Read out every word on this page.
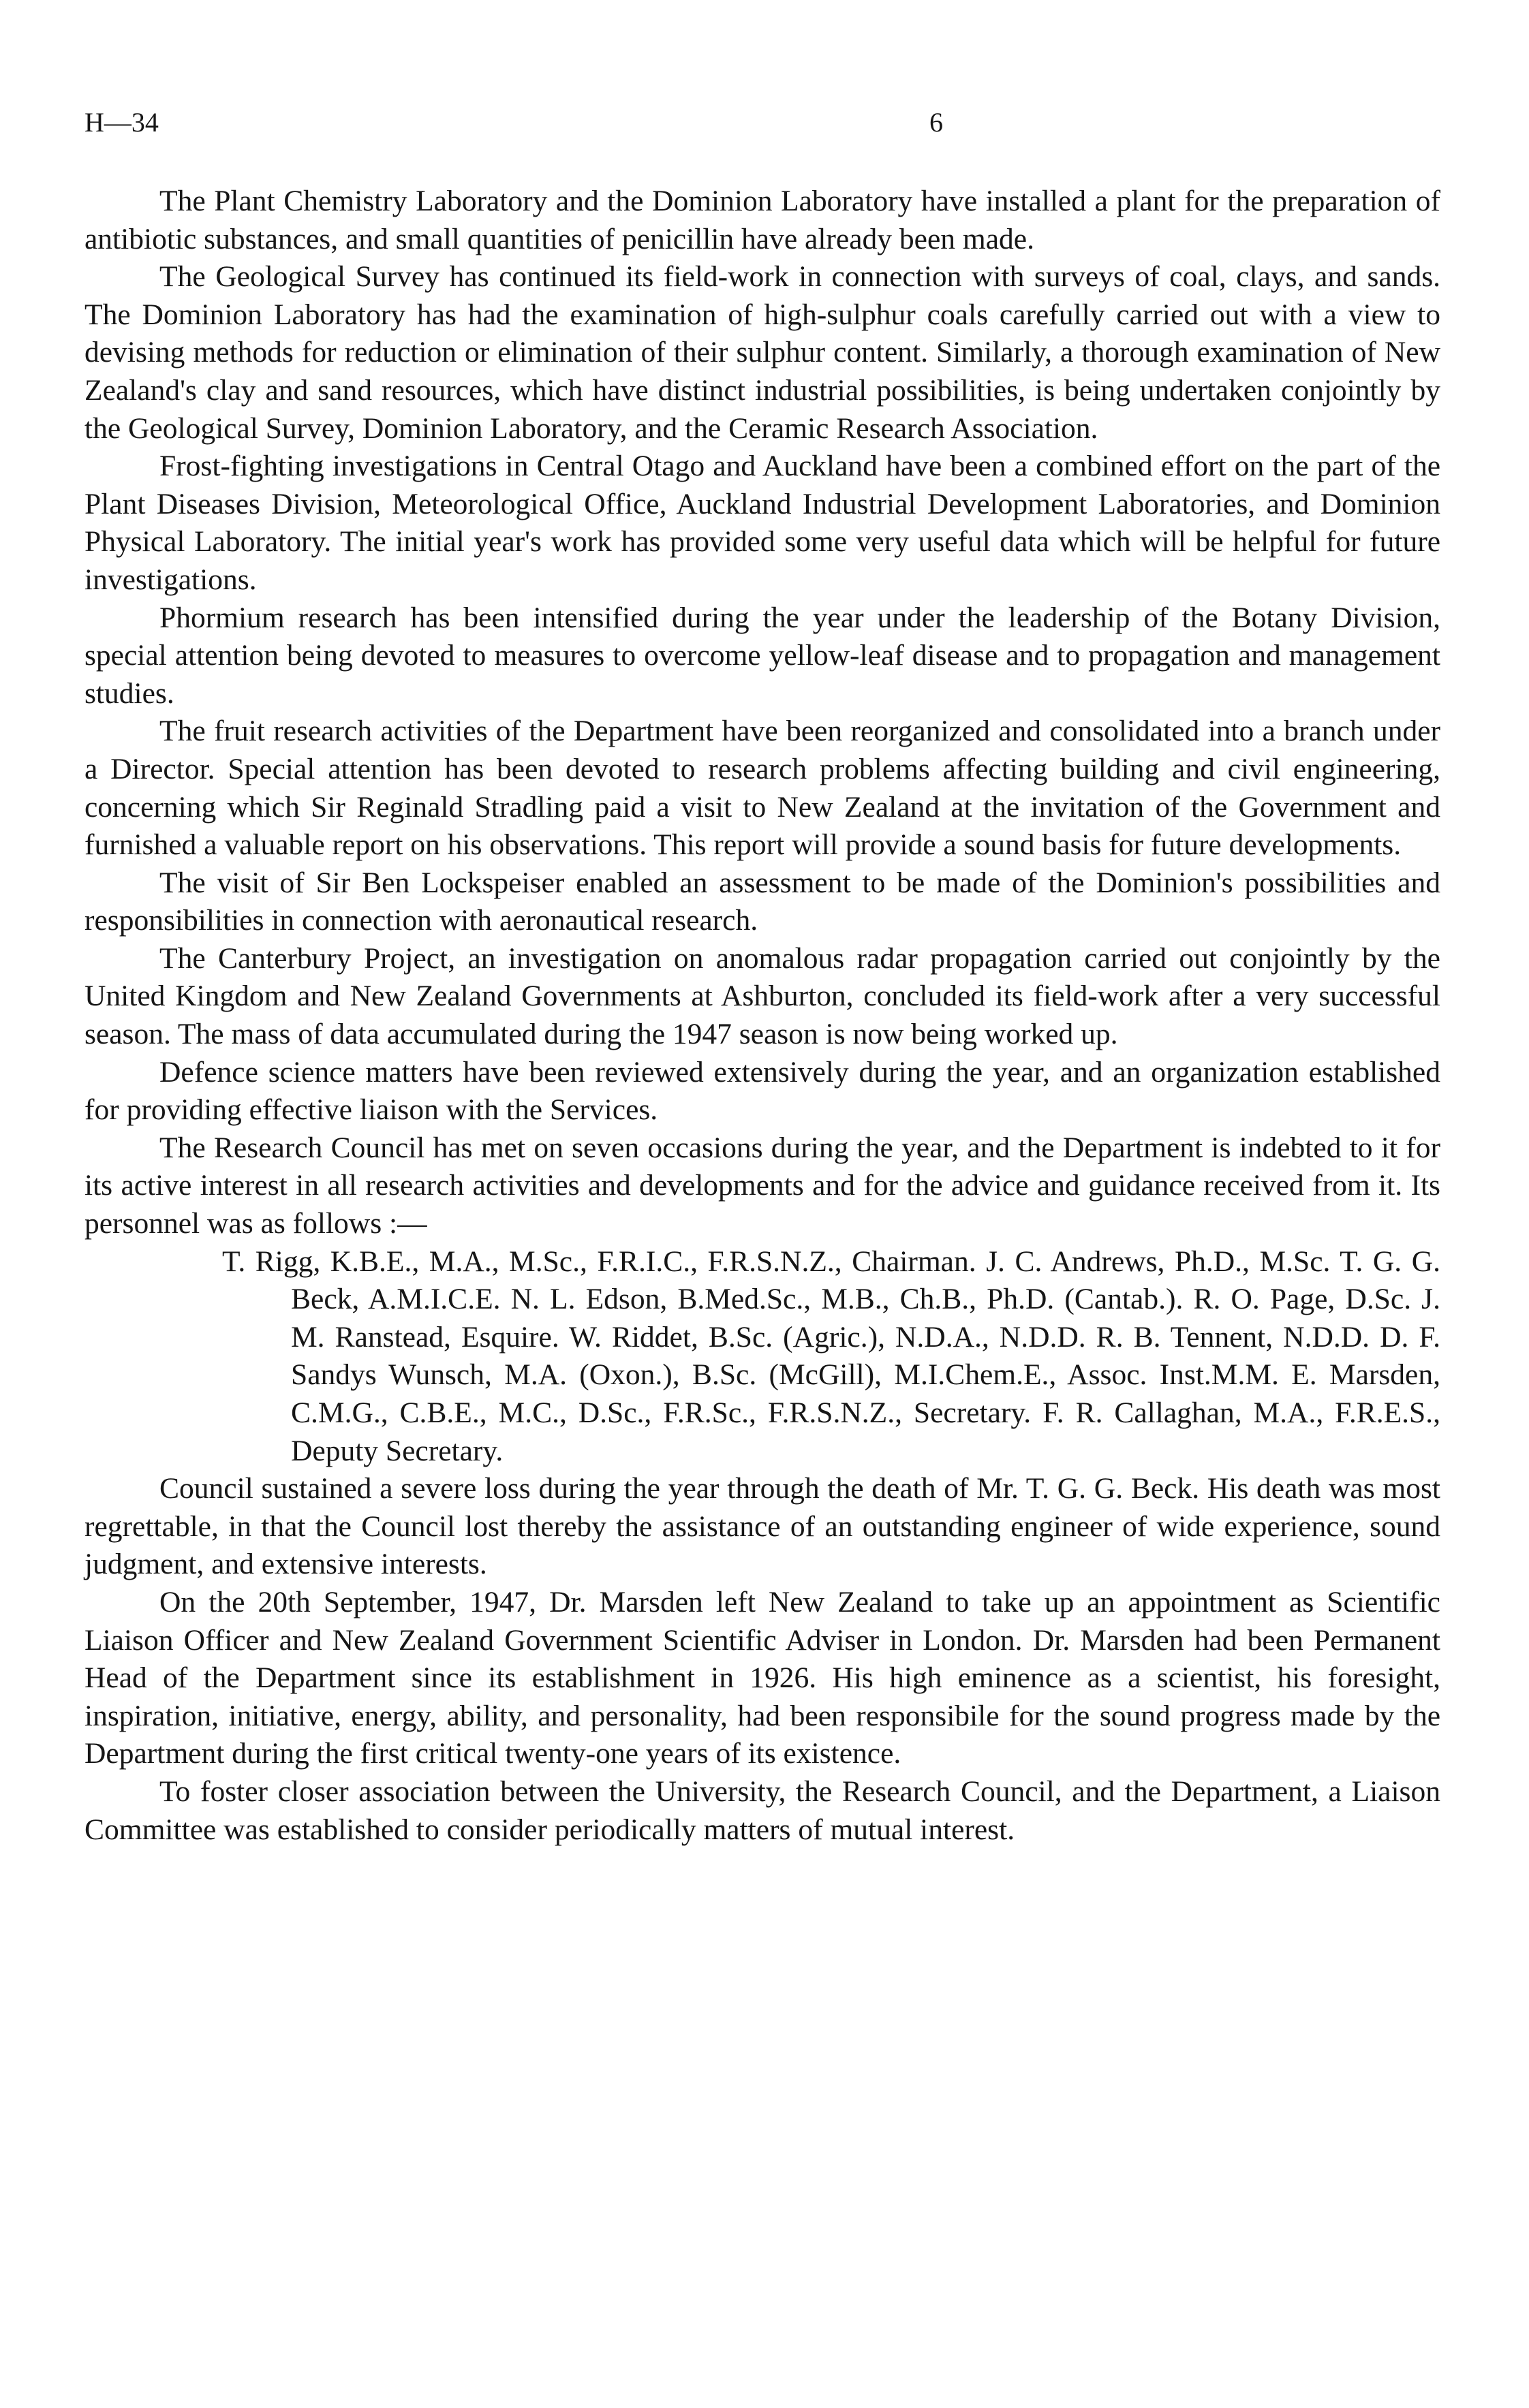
H—34	6

The Plant Chemistry Laboratory and the Dominion Laboratory have installed a plant for the preparation of antibiotic substances, and small quantities of penicillin have already been made.

The Geological Survey has continued its field-work in connection with surveys of coal, clays, and sands. The Dominion Laboratory has had the examination of high-sulphur coals carefully carried out with a view to devising methods for reduction or elimination of their sulphur content. Similarly, a thorough examination of New Zealand's clay and sand resources, which have distinct industrial possibilities, is being undertaken conjointly by the Geological Survey, Dominion Laboratory, and the Ceramic Research Association.

Frost-fighting investigations in Central Otago and Auckland have been a combined effort on the part of the Plant Diseases Division, Meteorological Office, Auckland Industrial Development Laboratories, and Dominion Physical Laboratory. The initial year's work has provided some very useful data which will be helpful for future investigations.

Phormium research has been intensified during the year under the leadership of the Botany Division, special attention being devoted to measures to overcome yellow-leaf disease and to propagation and management studies.

The fruit research activities of the Department have been reorganized and consolidated into a branch under a Director. Special attention has been devoted to research problems affecting building and civil engineering, concerning which Sir Reginald Stradling paid a visit to New Zealand at the invitation of the Government and furnished a valuable report on his observations. This report will provide a sound basis for future developments.

The visit of Sir Ben Lockspeiser enabled an assessment to be made of the Dominion's possibilities and responsibilities in connection with aeronautical research.

The Canterbury Project, an investigation on anomalous radar propagation carried out conjointly by the United Kingdom and New Zealand Governments at Ashburton, concluded its field-work after a very successful season. The mass of data accumulated during the 1947 season is now being worked up.

Defence science matters have been reviewed extensively during the year, and an organization established for providing effective liaison with the Services.

The Research Council has met on seven occasions during the year, and the Department is indebted to it for its active interest in all research activities and developments and for the advice and guidance received from it. Its personnel was as follows :—

T. Rigg, K.B.E., M.A., M.Sc., F.R.I.C., F.R.S.N.Z., Chairman. J. C. Andrews, Ph.D., M.Sc. T. G. G. Beck, A.M.I.C.E. N. L. Edson, B.Med.Sc., M.B., Ch.B., Ph.D. (Cantab.). R. O. Page, D.Sc. J. M. Ranstead, Esquire. W. Riddet, B.Sc. (Agric.), N.D.A., N.D.D. R. B. Tennent, N.D.D. D. F. Sandys Wunsch, M.A. (Oxon.), B.Sc. (McGill), M.I.Chem.E., Assoc. Inst.M.M. E. Marsden, C.M.G., C.B.E., M.C., D.Sc., F.R.Sc., F.R.S.N.Z., Secretary. F. R. Callaghan, M.A., F.R.E.S., Deputy Secretary.

Council sustained a severe loss during the year through the death of Mr. T. G. G. Beck. His death was most regrettable, in that the Council lost thereby the assistance of an outstanding engineer of wide experience, sound judgment, and extensive interests.

On the 20th September, 1947, Dr. Marsden left New Zealand to take up an appointment as Scientific Liaison Officer and New Zealand Government Scientific Adviser in London. Dr. Marsden had been Permanent Head of the Department since its establishment in 1926. His high eminence as a scientist, his foresight, inspiration, initiative, energy, ability, and personality, had been responsibile for the sound progress made by the Department during the first critical twenty-one years of its existence.

To foster closer association between the University, the Research Council, and the Department, a Liaison Committee was established to consider periodically matters of mutual interest.
